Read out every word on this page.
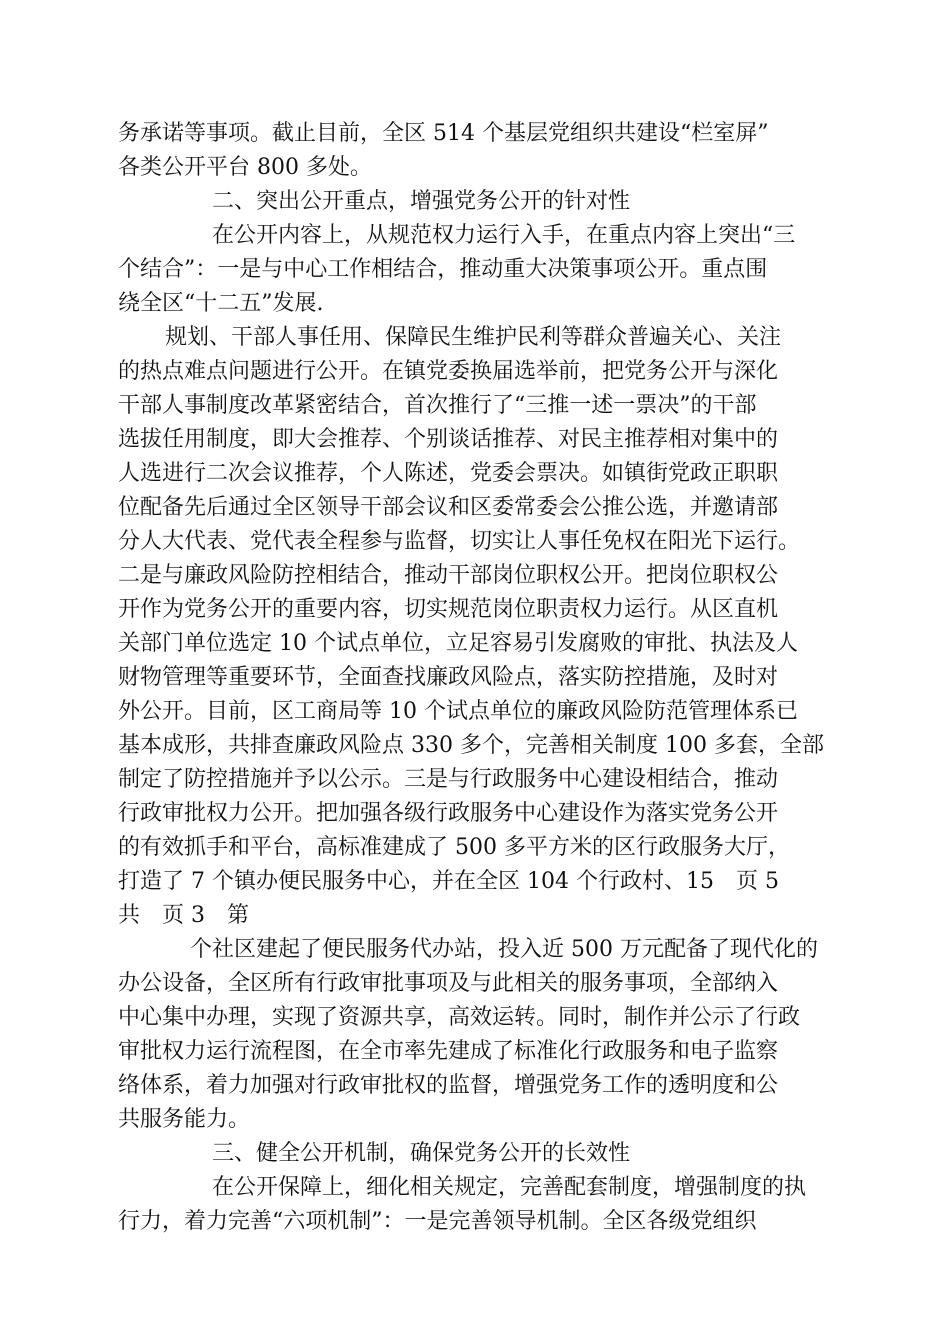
务承诺等事项。截止目前，全区 514 个基层党组织共建设“栏室屏”
各类公开平台 800 多处。
二、突出公开重点，增强党务公开的针对性
在公开内容上，从规范权力运行入手，在重点内容上突出“三
个结合”：一是与中心工作相结合，推动重大决策事项公开。重点围
绕全区“十二五”发展.
规划、干部人事任用、保障民生维护民利等群众普遍关心、关注
的热点难点问题进行公开。在镇党委换届选举前，把党务公开与深化
干部人事制度改革紧密结合，首次推行了“三推一述一票决”的干部
选拔任用制度，即大会推荐、个别谈话推荐、对民主推荐相对集中的
人选进行二次会议推荐，个人陈述，党委会票决。如镇街党政正职职
位配备先后通过全区领导干部会议和区委常委会公推公选，并邀请部
分人大代表、党代表全程参与监督，切实让人事任免权在阳光下运行。
二是与廉政风险防控相结合，推动干部岗位职权公开。把岗位职权公
开作为党务公开的重要内容，切实规范岗位职责权力运行。从区直机
关部门单位选定 10 个试点单位，立足容易引发腐败的审批、执法及人
财物管理等重要环节，全面查找廉政风险点，落实防控措施，及时对
外公开。目前，区工商局等 10 个试点单位的廉政风险防范管理体系已
基本成形，共排查廉政风险点 330 多个，完善相关制度 100 多套，全部
制定了防控措施并予以公示。三是与行政服务中心建设相结合，推动
行政审批权力公开。把加强各级行政服务中心建设作为落实党务公开
的有效抓手和平台，高标准建成了 500 多平方米的区行政服务大厅，
打造了 7 个镇办便民服务中心，并在全区 104 个行政村、15　页 5
共　页 3　第
个社区建起了便民服务代办站，投入近 500 万元配备了现代化的
办公设备，全区所有行政审批事项及与此相关的服务事项，全部纳入
中心集中办理，实现了资源共享，高效运转。同时，制作并公示了行政
审批权力运行流程图，在全市率先建成了标准化行政服务和电子监察
络体系，着力加强对行政审批权的监督，增强党务工作的透明度和公
共服务能力。
三、健全公开机制，确保党务公开的长效性
在公开保障上，细化相关规定，完善配套制度，增强制度的执
行力，着力完善“六项机制”：一是完善领导机制。全区各级党组织
